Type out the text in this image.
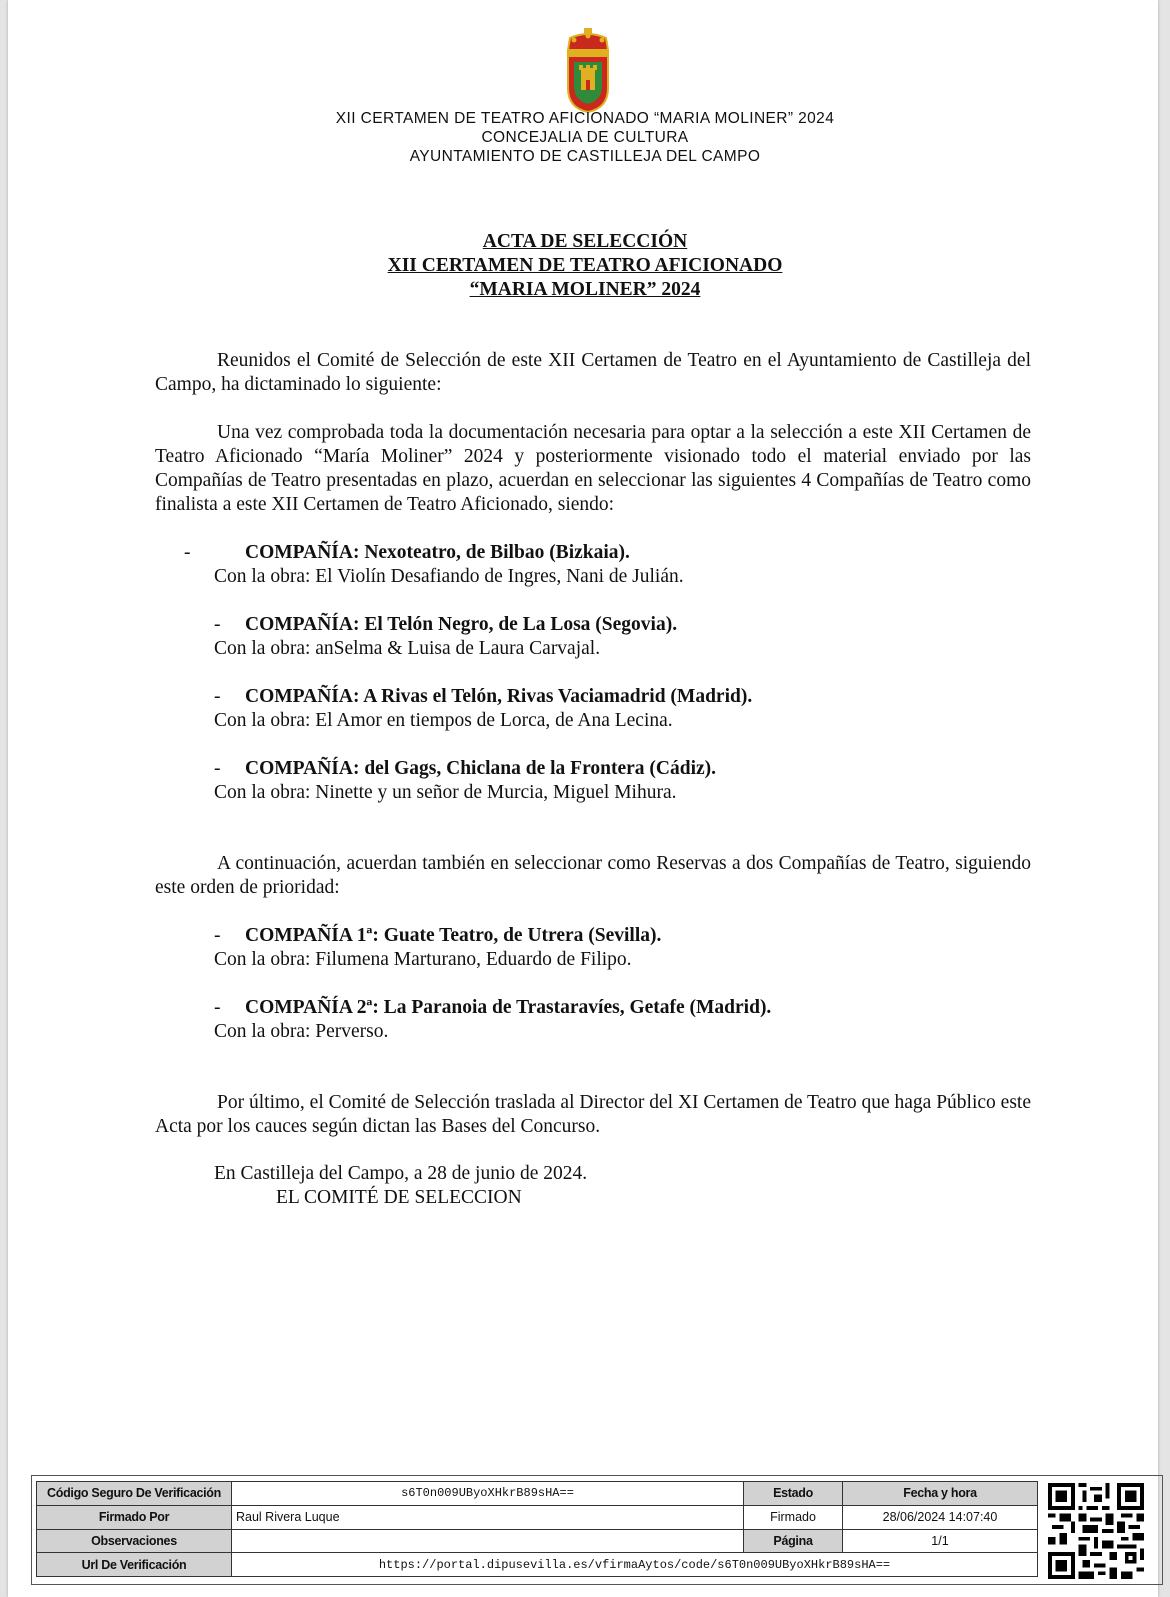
XII CERTAMEN DE TEATRO AFICIONADO “MARIA MOLINER” 2024
CONCEJALIA DE CULTURA
AYUNTAMIENTO DE CASTILLEJA DEL CAMPO
ACTA DE SELECCIÓN
XII CERTAMEN DE TEATRO AFICIONADO
“MARIA MOLINER” 2024
Reunidos el Comité de Selección de este XII Certamen de Teatro en el Ayuntamiento de Castilleja del Campo, ha dictaminado lo siguiente:
Una vez comprobada toda la documentación necesaria para optar a la selección a este XII Certamen de Teatro Aficionado “María Moliner” 2024 y posteriormente visionado todo el material enviado por las Compañías de Teatro presentadas en plazo, acuerdan en seleccionar las siguientes 4 Compañías de Teatro como finalista a este XII Certamen de Teatro Aficionado, siendo:
-	COMPAÑÍA: Nexoteatro, de Bilbao (Bizkaia).
Con la obra: El Violín Desafiando de Ingres, Nani de Julián.
- COMPAÑÍA: El Telón Negro, de La Losa (Segovia).
Con la obra: anSelma & Luisa de Laura Carvajal.
- COMPAÑÍA: A Rivas el Telón, Rivas Vaciamadrid (Madrid).
Con la obra: El Amor en tiempos de Lorca, de Ana Lecina.
- COMPAÑÍA: del Gags, Chiclana de la Frontera (Cádiz).
Con la obra: Ninette y un señor de Murcia, Miguel Mihura.
A continuación, acuerdan también en seleccionar como Reservas a dos Compañías de Teatro, siguiendo este orden de prioridad:
- COMPAÑÍA 1ª: Guate Teatro, de Utrera (Sevilla).
Con la obra: Filumena Marturano, Eduardo de Filipo.
- COMPAÑÍA 2ª: La Paranoia de Trastaravíes, Getafe (Madrid).
Con la obra: Perverso.
Por último, el Comité de Selección traslada al Director del XI Certamen de Teatro que haga Público este Acta por los cauces según dictan las Bases del Concurso.
En Castilleja del Campo, a 28 de junio de 2024.
EL COMITÉ DE SELECCION
Código Seguro De Verificación	s6T0n009UByoXHkrB89sHA==	Estado	Fecha y hora
Firmado Por	Raul Rivera Luque	Firmado	28/06/2024 14:07:40
Observaciones		Página	1/1
Url De Verificación	https://portal.dipusevilla.es/vfirmaAytos/code/s6T0n009UByoXHkrB89sHA==		
